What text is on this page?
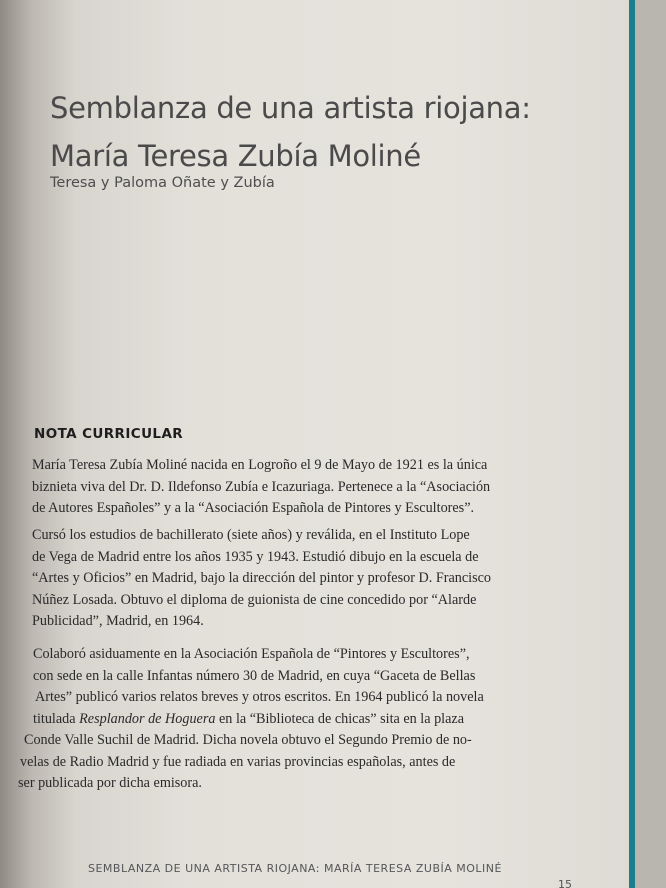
Semblanza de una artista riojana:
María Teresa Zubía Moliné

Teresa y Paloma Oñate y Zubía

NOTA CURRICULAR

María Teresa Zubía Moliné nacida en Logroño el 9 de Mayo de 1921 es la única
biznieta viva del Dr. D. Ildefonso Zubía e Icazuriaga. Pertenece a la “Asociación
de Autores Españoles” y a la “Asociación Española de Pintores y Escultores”.

Cursó los estudios de bachillerato (siete años) y reválida, en el Instituto Lope
de Vega de Madrid entre los años 1935 y 1943. Estudió dibujo en la escuela de
“Artes y Oficios” en Madrid, bajo la dirección del pintor y profesor D. Francisco
Núñez Losada. Obtuvo el diploma de guionista de cine concedido por “Alarde
Publicidad”, Madrid, en 1964.

Colaboró asiduamente en la Asociación Española de “Pintores y Escultores”,
con sede en la calle Infantas número 30 de Madrid, en cuya “Gaceta de Bellas
Artes” publicó varios relatos breves y otros escritos. En 1964 publicó la novela
titulada Resplandor de Hoguera en la “Biblioteca de chicas” sita en la plaza
Conde Valle Suchil de Madrid. Dicha novela obtuvo el Segundo Premio de no-
velas de Radio Madrid y fue radiada en varias provincias españolas, antes de
ser publicada por dicha emisora.

SEMBLANZA DE UNA ARTISTA RIOJANA: MARÍA TERESA ZUBÍA MOLINÉ

15
